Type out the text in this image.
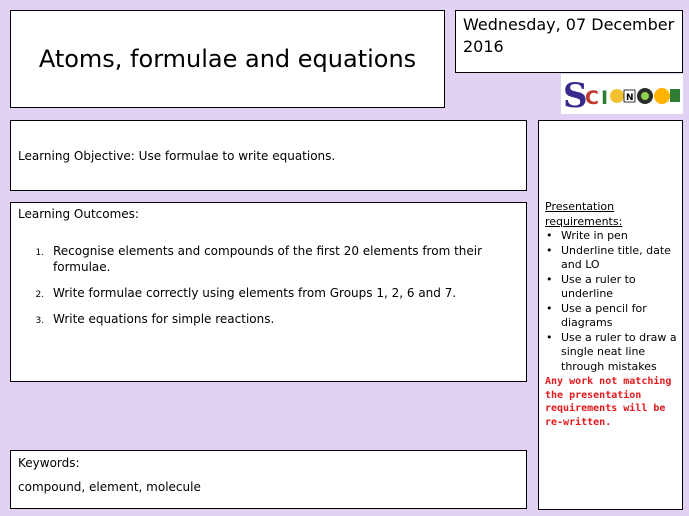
Atoms, formulae and equations
Wednesday, 07 December 2016
S
C I N
Learning Objective: Use formulae to write equations.
Learning Outcomes:
1. Recognise elements and compounds of the first 20 elements from their formulae.
2. Write formulae correctly using elements from Groups 1, 2, 6 and 7.
3. Write equations for simple reactions.
Keywords:
compound, element, molecule
Presentation requirements:
• Write in pen
• Underline title, date and LO
• Use a ruler to underline
• Use a pencil for diagrams
• Use a ruler to draw a single neat line through mistakes
Any work not matching the presentation requirements will be re-written.
